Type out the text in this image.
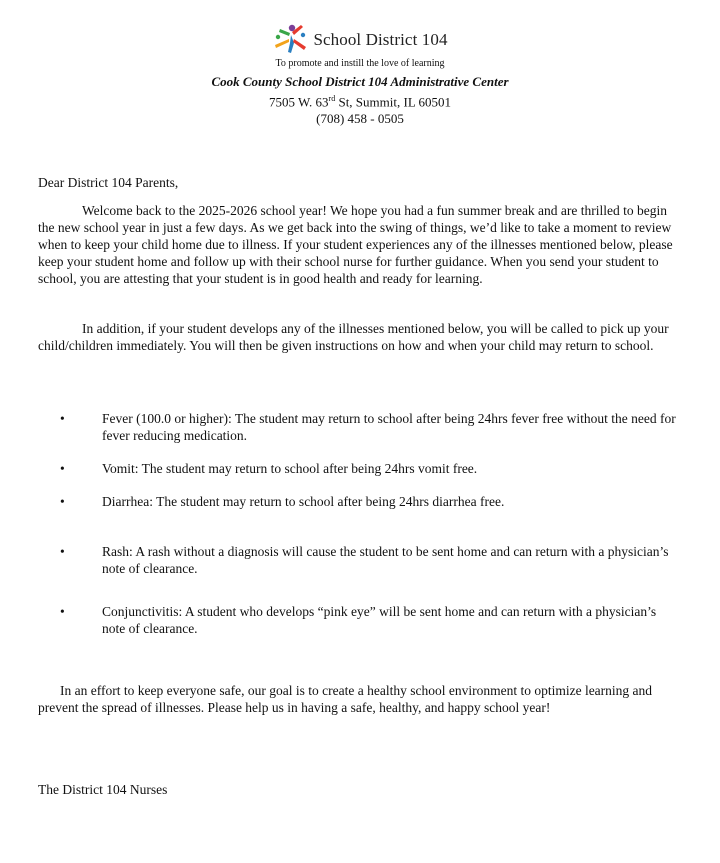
School District 104
To promote and instill the love of learning
Cook County School District 104 Administrative Center
7505 W. 63rd St, Summit, IL 60501
(708) 458 - 0505
Dear District 104 Parents,
Welcome back to the 2025-2026 school year! We hope you had a fun summer break and are thrilled to begin the new school year in just a few days. As we get back into the swing of things, we’d like to take a moment to review when to keep your child home due to illness. If your student experiences any of the illnesses mentioned below, please keep your student home and follow up with their school nurse for further guidance. When you send your student to school, you are attesting that your student is in good health and ready for learning.
In addition, if your student develops any of the illnesses mentioned below, you will be called to pick up your child/children immediately. You will then be given instructions on how and when your child may return to school.
•	Fever (100.0 or higher): The student may return to school after being 24hrs fever free without the need for fever reducing medication.
•	Vomit: The student may return to school after being 24hrs vomit free.
•	Diarrhea: The student may return to school after being 24hrs diarrhea free.
•	Rash: A rash without a diagnosis will cause the student to be sent home and can return with a physician’s note of clearance.
•	Conjunctivitis: A student who develops “pink eye” will be sent home and can return with a physician’s note of clearance.
In an effort to keep everyone safe, our goal is to create a healthy school environment to optimize learning and prevent the spread of illnesses. Please help us in having a safe, healthy, and happy school year!
The District 104 Nurses
